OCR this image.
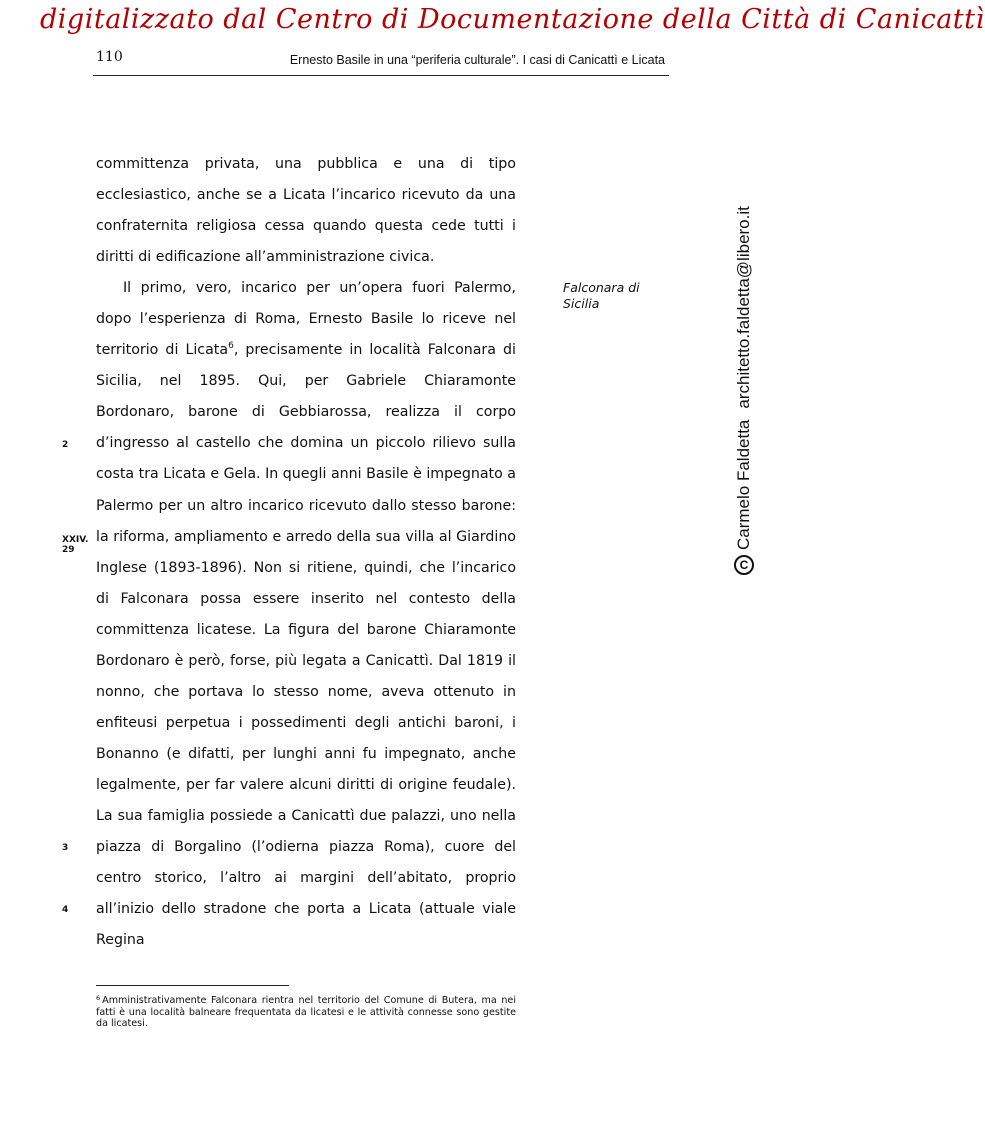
digitalizzato dal Centro di Documentazione della Città di Canicattì
110	Ernesto Basile in una “periferia culturale”. I casi di Canicattì e Licata

committenza privata, una pubblica e una di tipo ecclesiastico, anche se a Licata l’incarico ricevuto da una confraternita religiosa cessa quando questa cede tutti i diritti di edificazione all’amministrazione civica.

Il primo, vero, incarico per un’opera fuori Palermo, dopo l’esperienza di Roma, Ernesto Basile lo riceve nel territorio di Licata$^6$, precisamente in località Falconara di Sicilia, nel 1895. Qui, per Gabriele Chiaramonte Bordonaro, barone di Gebbiarossa, realizza il corpo d’ingresso al castello che domina un piccolo rilievo sulla costa tra Licata e Gela. In quegli anni Basile è impegnato a Palermo per un altro incarico ricevuto dallo stesso barone: la riforma, ampliamento e arredo della sua villa al Giardino Inglese (1893-1896). Non si ritiene, quindi, che l’incarico di Falconara possa essere inserito nel contesto della committenza licatese. La figura del barone Chiaramonte Bordonaro è però, forse, più legata a Canicattì. Dal 1819 il nonno, che portava lo stesso nome, aveva ottenuto in enfiteusi perpetua i possedimenti degli antichi baroni, i Bonanno (e difatti, per lunghi anni fu impegnato, anche legalmente, per far valere alcuni diritti di origine feudale). La sua famiglia possiede a Canicattì due palazzi, uno nella piazza di Borgalino (l’odierna piazza Roma), cuore del centro storico, l’altro ai margini dell’abitato, proprio all’inizio dello stradone che porta a Licata (attuale viale Regina

2
XXIV. 29
3
4
Falconara di Sicilia
$^6$ Amministrativamente Falconara rientra nel territorio del Comune di Butera, ma nei fatti è una località balneare frequentata da licatesi e le attività connesse sono gestite da licatesi.
C
Carmelo Faldetta
architetto.faldetta@libero.it
